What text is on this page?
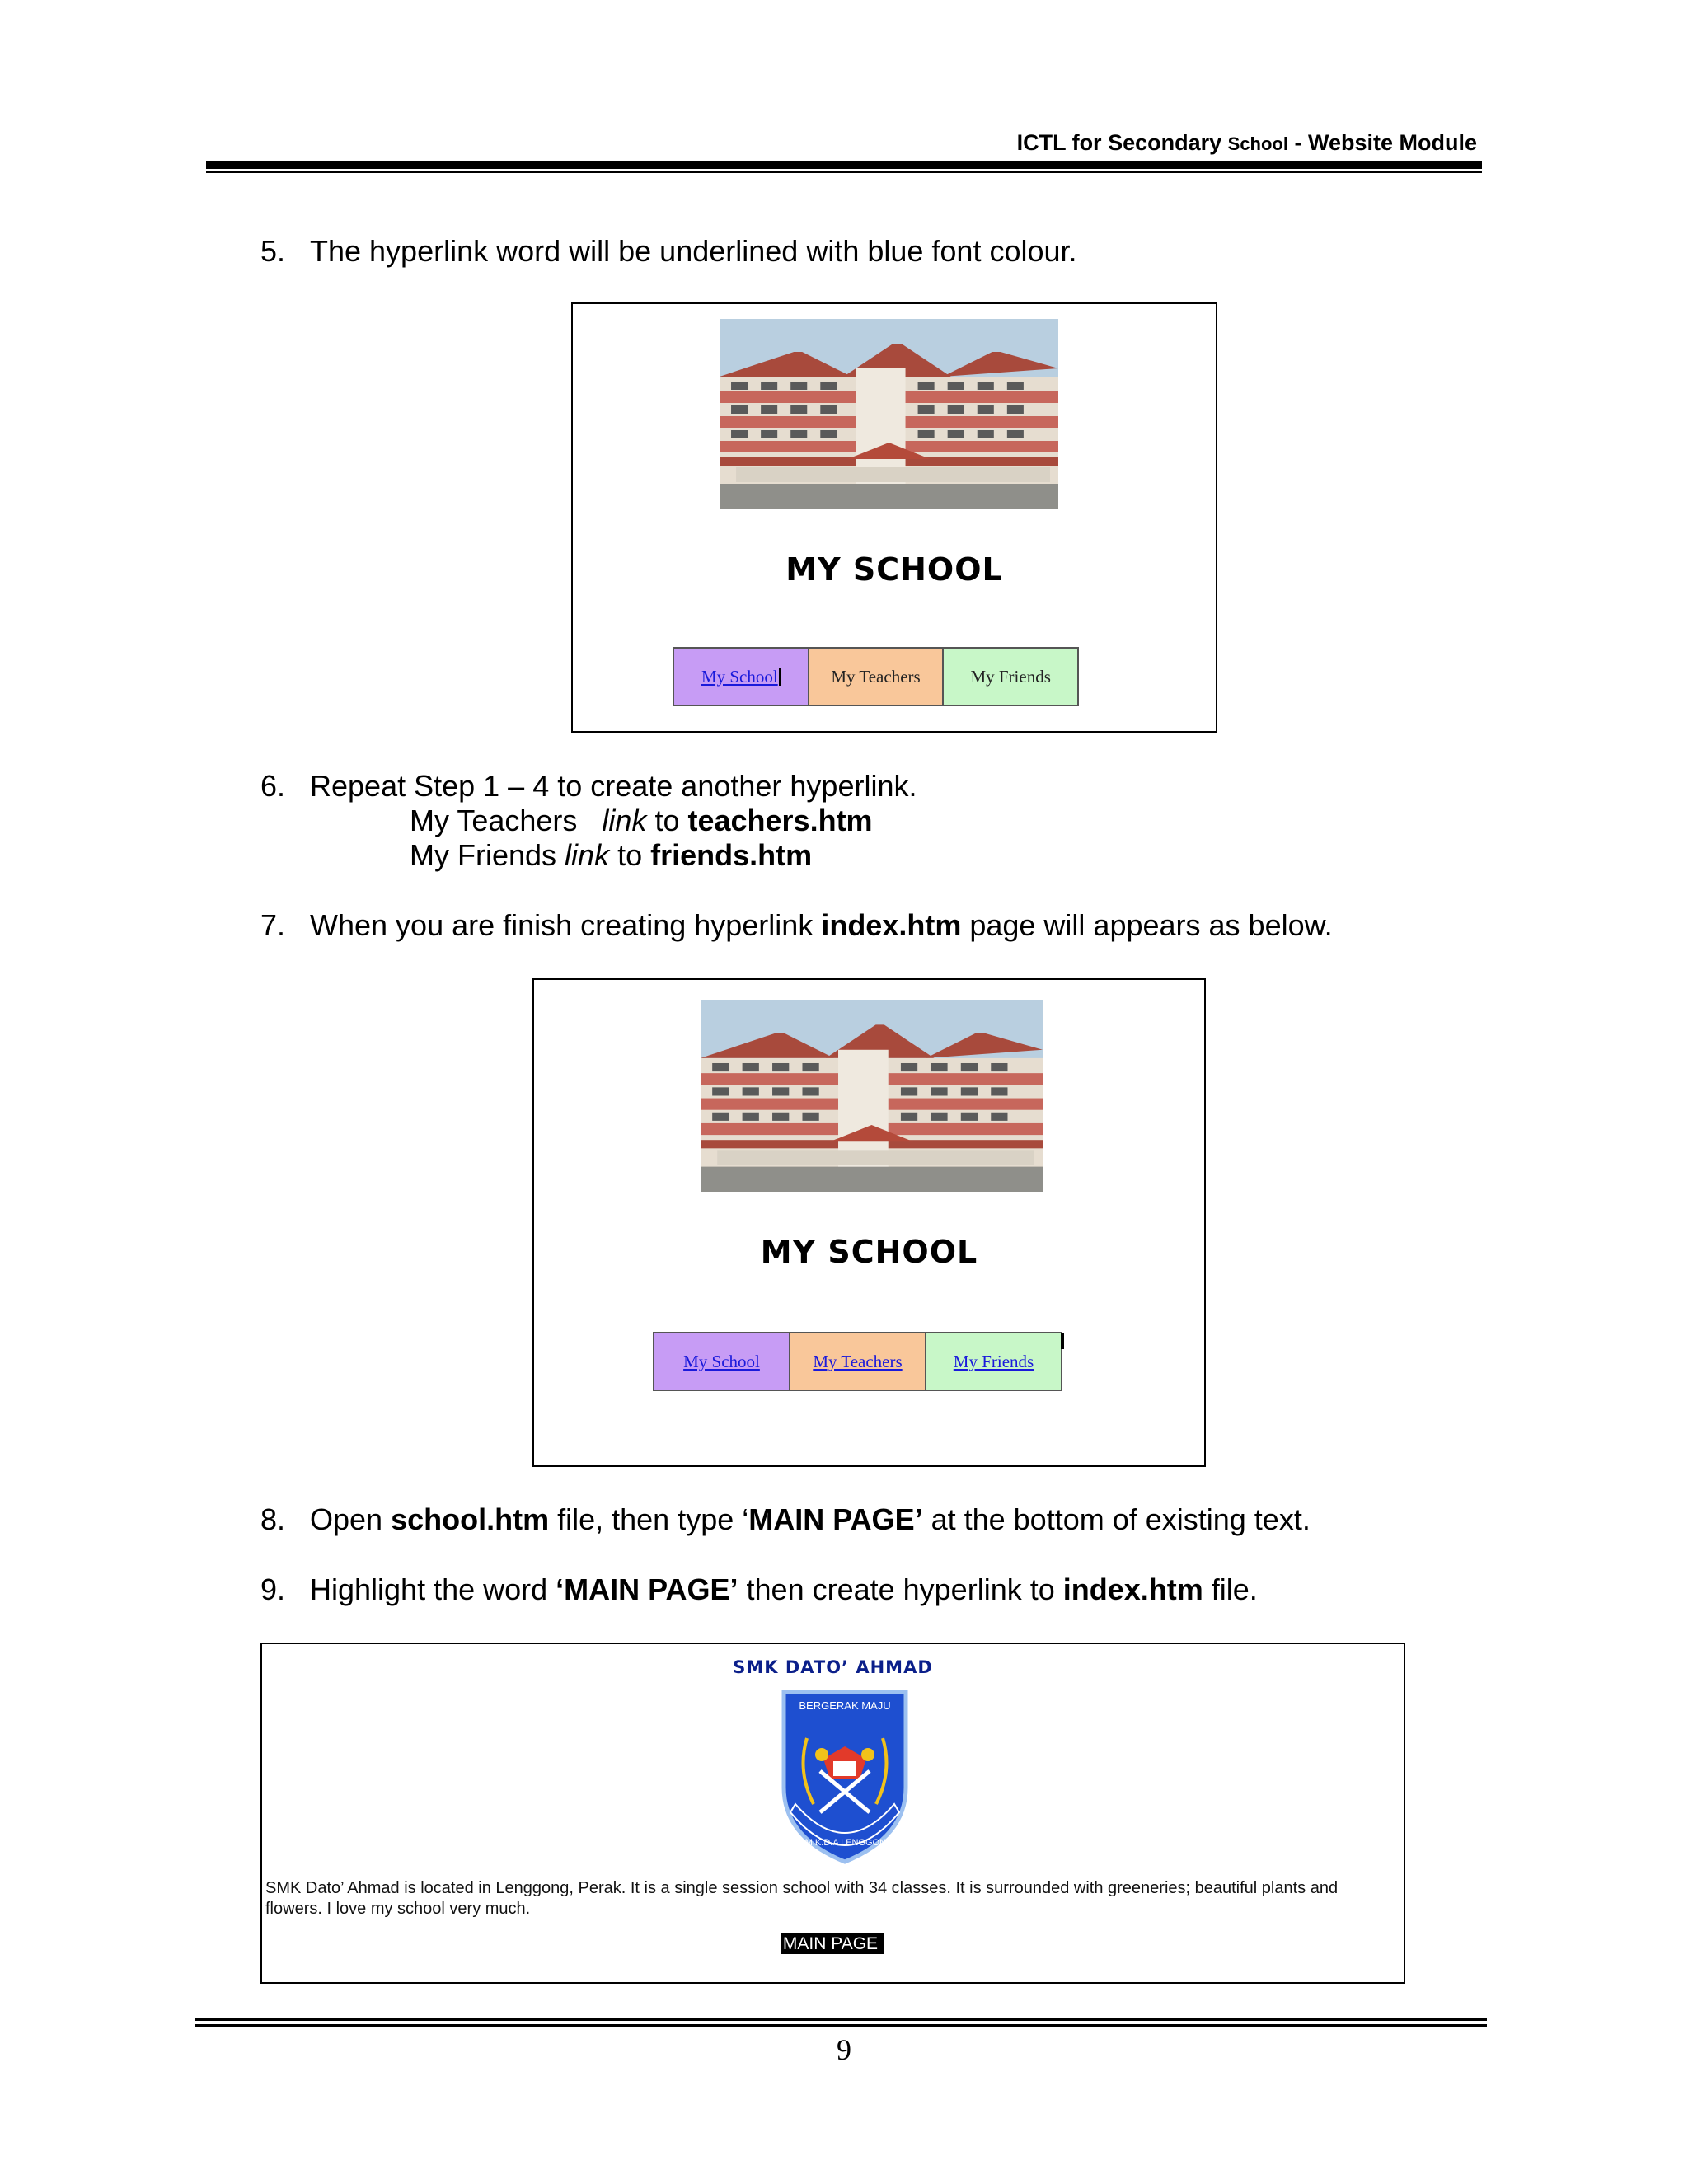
ICTL for Secondary School - Website Module
5. The hyperlink word will be underlined with blue font colour.
MY SCHOOL
My School	My Teachers	My Friends
6. Repeat Step 1 – 4 to create another hyperlink.
My Teachers   link to teachers.htm
My Friends link to friends.htm
7. When you are finish creating hyperlink index.htm page will appears as below.
MY SCHOOL
My School	My Teachers	My Friends
8. Open school.htm file, then type ‘MAIN PAGE’ at the bottom of existing text.
9. Highlight the word ‘MAIN PAGE’ then create hyperlink to index.htm file.
SMK DATO’ AHMAD
BERGERAK MAJU
S.M.K.D.A LENGGONG
SMK Dato’ Ahmad is located in Lenggong, Perak. It is a single session school with 34 classes. It is surrounded with greeneries; beautiful plants and flowers. I love my school very much.
MAIN PAGE
9
